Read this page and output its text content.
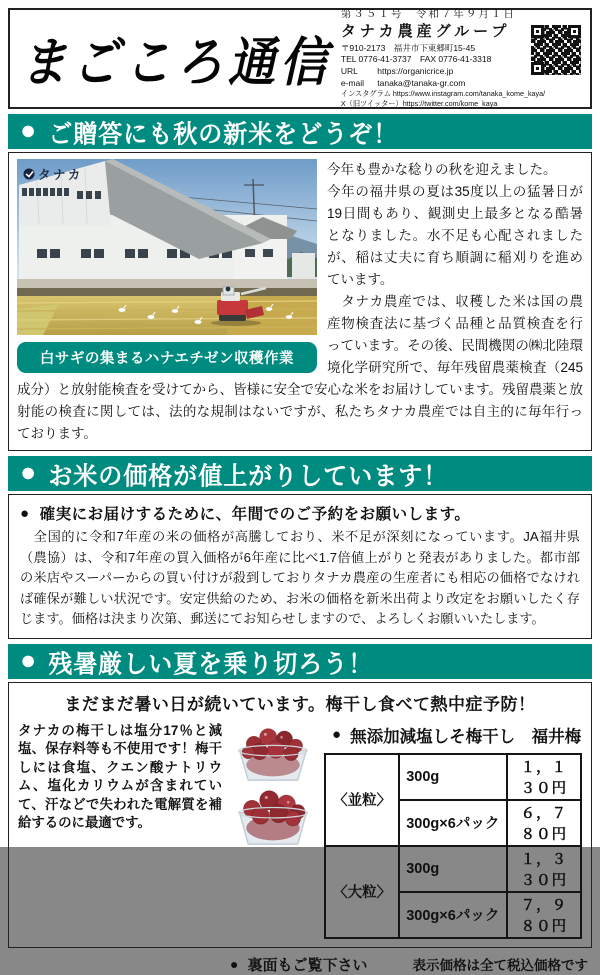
まごころ通信
第３５１号　令和７年９月１日
タナカ農産グループ
〒910-2173　福井市下東郷町15-45
TEL 0776-41-3737　FAX 0776-41-3318
URL https://organicrice.jp
e-mail tanaka@tanaka-gr.com
インスタグラム https://www.instagram.com/tanaka_kome_kaya/
X（旧ツイッター）https://twitter.com/kome_kaya
● ご贈答にも秋の新米をどうぞ！
タナカ
白サギの集まるハナエチゼン収穫作業

今年も豊かな稔りの秋を迎えました。

今年の福井県の夏は35度以上の猛暑日が19日間もあり、観測史上最多となる酷暑となりました。水不足も心配されましたが、稲は丈夫に育ち順調に稲刈りを進めています。

　タナカ農産では、収穫した米は国の農産物検査法に基づく品種と品質検査を行っています。その後、民間機関の㈱北陸環境化学研究所で、毎年残留農薬検査（245成分）と放射能検査を受けてから、皆様に安全で安心な米をお届けしています。残留農薬と放射能の検査に関しては、法的な規制はないですが、私たちタナカ農産では自主的に毎年行っております。

● お米の価格が値上がりしています！
● 確実にお届けするために、年間でのご予約をお願いします。

　全国的に令和7年産の米の価格が高騰しており、米不足が深刻になっています。JA福井県（農協）は、令和7年産の買入価格が6年産に比べ1.7倍値上がりと発表がありました。都市部の米店やスーパーからの買い付けが殺到しておりタナカ農産の生産者にも相応の価格でなければ確保が難しい状況です。安定供給のため、お米の価格を新米出荷より改定をお願いしたく存じます。価格は決まり次第、郵送にてお知らせしますので、よろしくお願いいたします。

● 残暑厳しい夏を乗り切ろう！
まだまだ暑い日が続いています。梅干し食べて熱中症予防！
タナカの梅干しは塩分17％と減塩、保存料等も不使用です！梅干しには食塩、クエン酸ナトリウム、塩化カリウムが含まれていて、汗などで失われた電解質を補給するのに最適です。
● 無添加減塩しそ梅干し　福井梅
〈並粒〉	300g	１，１３０円
	300g×6パック	６，７８０円
〈大粒〉	300g	１，３３０円
	300g×6パック	７，９８０円
● 裏面もご覧下さい	表示価格は全て税込価格です
